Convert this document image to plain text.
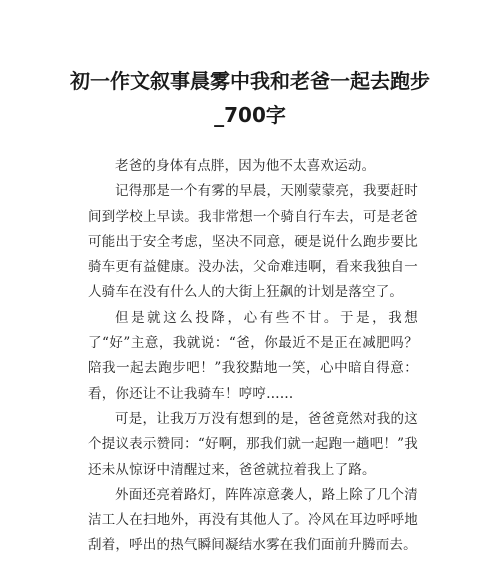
初一作文叙事晨雾中我和老爸一起去跑步_700字

老爸的身体有点胖，因为他不太喜欢运动。

记得那是一个有雾的早晨，天刚蒙蒙亮，我要赶时间到学校上早读。我非常想一个骑自行车去，可是老爸可能出于安全考虑，坚决不同意，硬是说什么跑步要比骑车更有益健康。没办法，父命难违啊，看来我独自一人骑车在没有什么人的大街上狂飙的计划是落空了。

但是就这么投降，心有些不甘。于是，我想了“好”主意，我就说：“爸，你最近不是正在减肥吗？陪我一起去跑步吧！”我狡黠地一笑，心中暗自得意：看，你还让不让我骑车！哼哼……

可是，让我万万没有想到的是，爸爸竟然对我的这个提议表示赞同：“好啊，那我们就一起跑一趟吧！”我还未从惊讶中清醒过来，爸爸就拉着我上了路。

外面还亮着路灯，阵阵凉意袭人，路上除了几个清洁工人在扫地外，再没有其他人了。冷风在耳边呼呼地刮着，呼出的热气瞬间凝结水雾在我们面前升腾而去。
